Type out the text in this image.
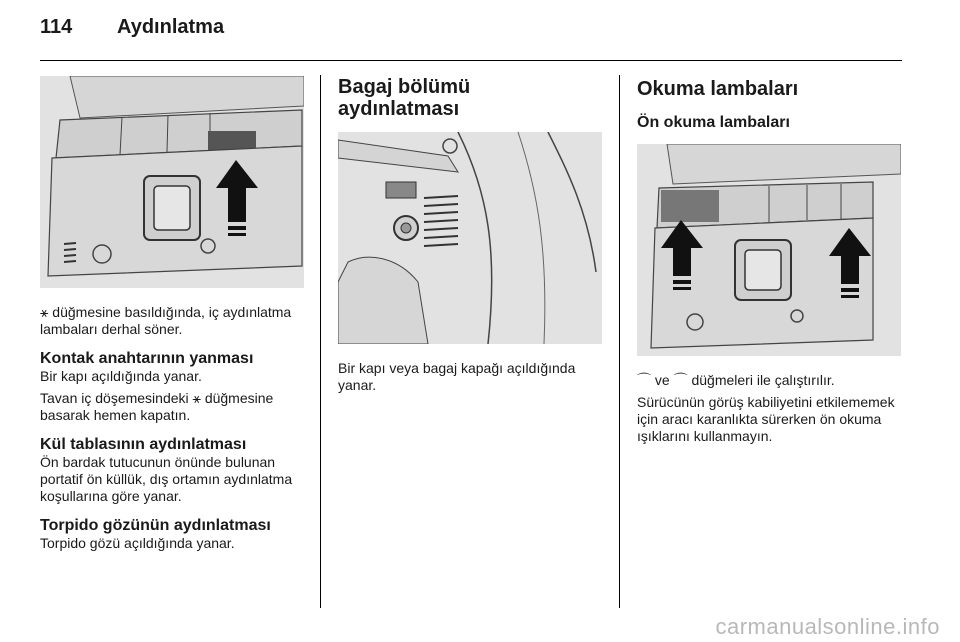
114 Aydınlatma

⚹ düğmesine basıldığında, iç aydınlatma lambaları derhal söner.

Kontak anahtarının yanması

Bir kapı açıldığında yanar.

Tavan iç döşemesindeki ⚹ düğmesine basarak hemen kapatın.

Kül tablasının aydınlatması

Ön bardak tutucunun önünde bulunan portatif ön küllük, dış ortamın aydınlatma koşullarına göre yanar.

Torpido gözünün aydınlatması

Torpido gözü açıldığında yanar.

Bagaj bölümü
aydınlatması

Bir kapı veya bagaj kapağı açıldığında yanar.

Okuma lambaları
Ön okuma lambaları

⌒ ve ⌒ düğmeleri ile çalıştırılır.

Sürücünün görüş kabiliyetini etkilememek için aracı karanlıkta sürerken ön okuma ışıklarını kullanmayın.

carmanualsonline.info
